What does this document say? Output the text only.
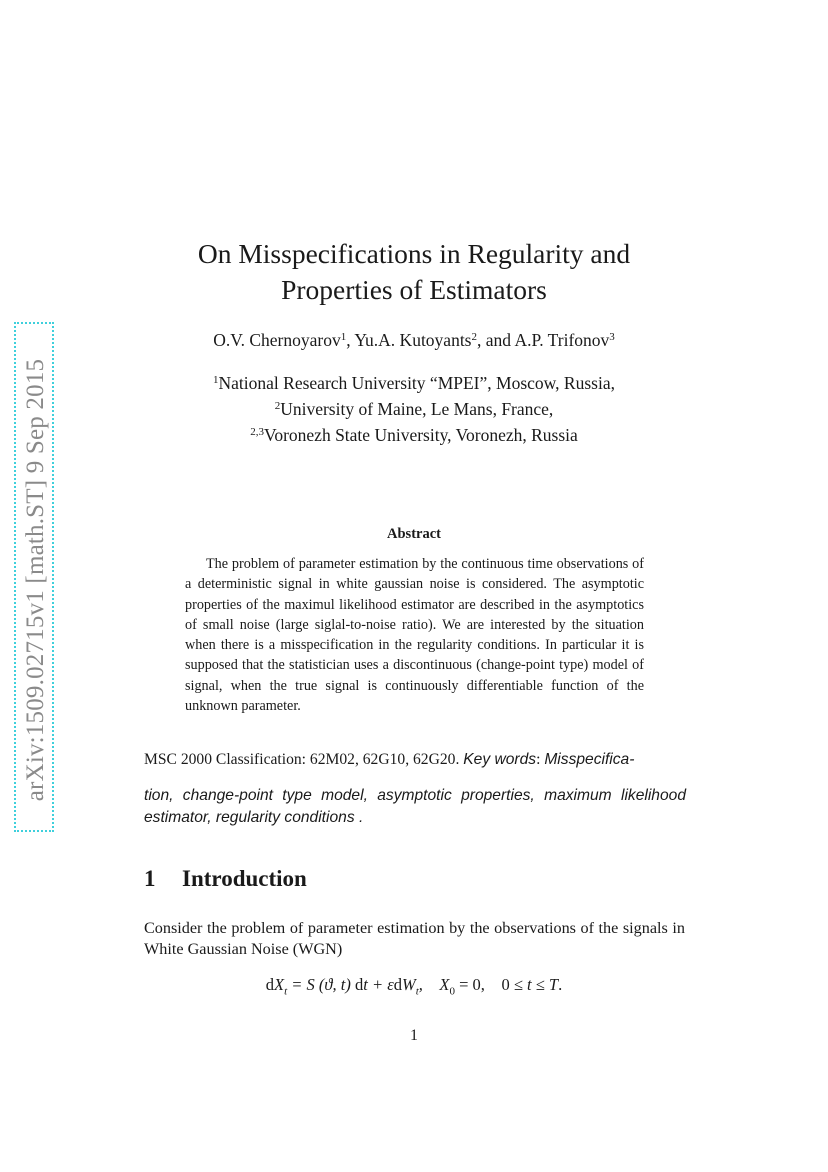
arXiv:1509.02715v1 [math.ST] 9 Sep 2015
On Misspecifications in Regularity and
Properties of Estimators
O.V. Chernoyarov$^1$, Yu.A. Kutoyants$^2$, and A.P. Trifonov$^3$
$^1$National Research University “MPEI”, Moscow, Russia,
$^2$University of Maine, Le Mans, France,
$^{2,3}$Voronezh State University, Voronezh, Russia
Abstract
The problem of parameter estimation by the continuous time observations of a deterministic signal in white gaussian noise is considered. The asymptotic properties of the maximul likelihood estimator are described in the asymptotics of small noise (large siglal-to-noise ratio). We are interested by the situation when there is a misspecification in the regularity conditions. In particular it is supposed that the statistician uses a discontinuous (change-point type) model of signal, when the true signal is continuously differentiable function of the unknown parameter.
MSC 2000 Classification: 62M02, 62G10, 62G20. Key words: Misspecifica-
tion, change-point type model, asymptotic properties, maximum likelihood estimator, regularity conditions .
1 Introduction
Consider the problem of parameter estimation by the observations of the signals in White Gaussian Noise (WGN)
$dX_t = S$ (ϑ, t) dt + εdW$_t$,    $X_0 = 0$, 0 ≤ t ≤ T.
1
